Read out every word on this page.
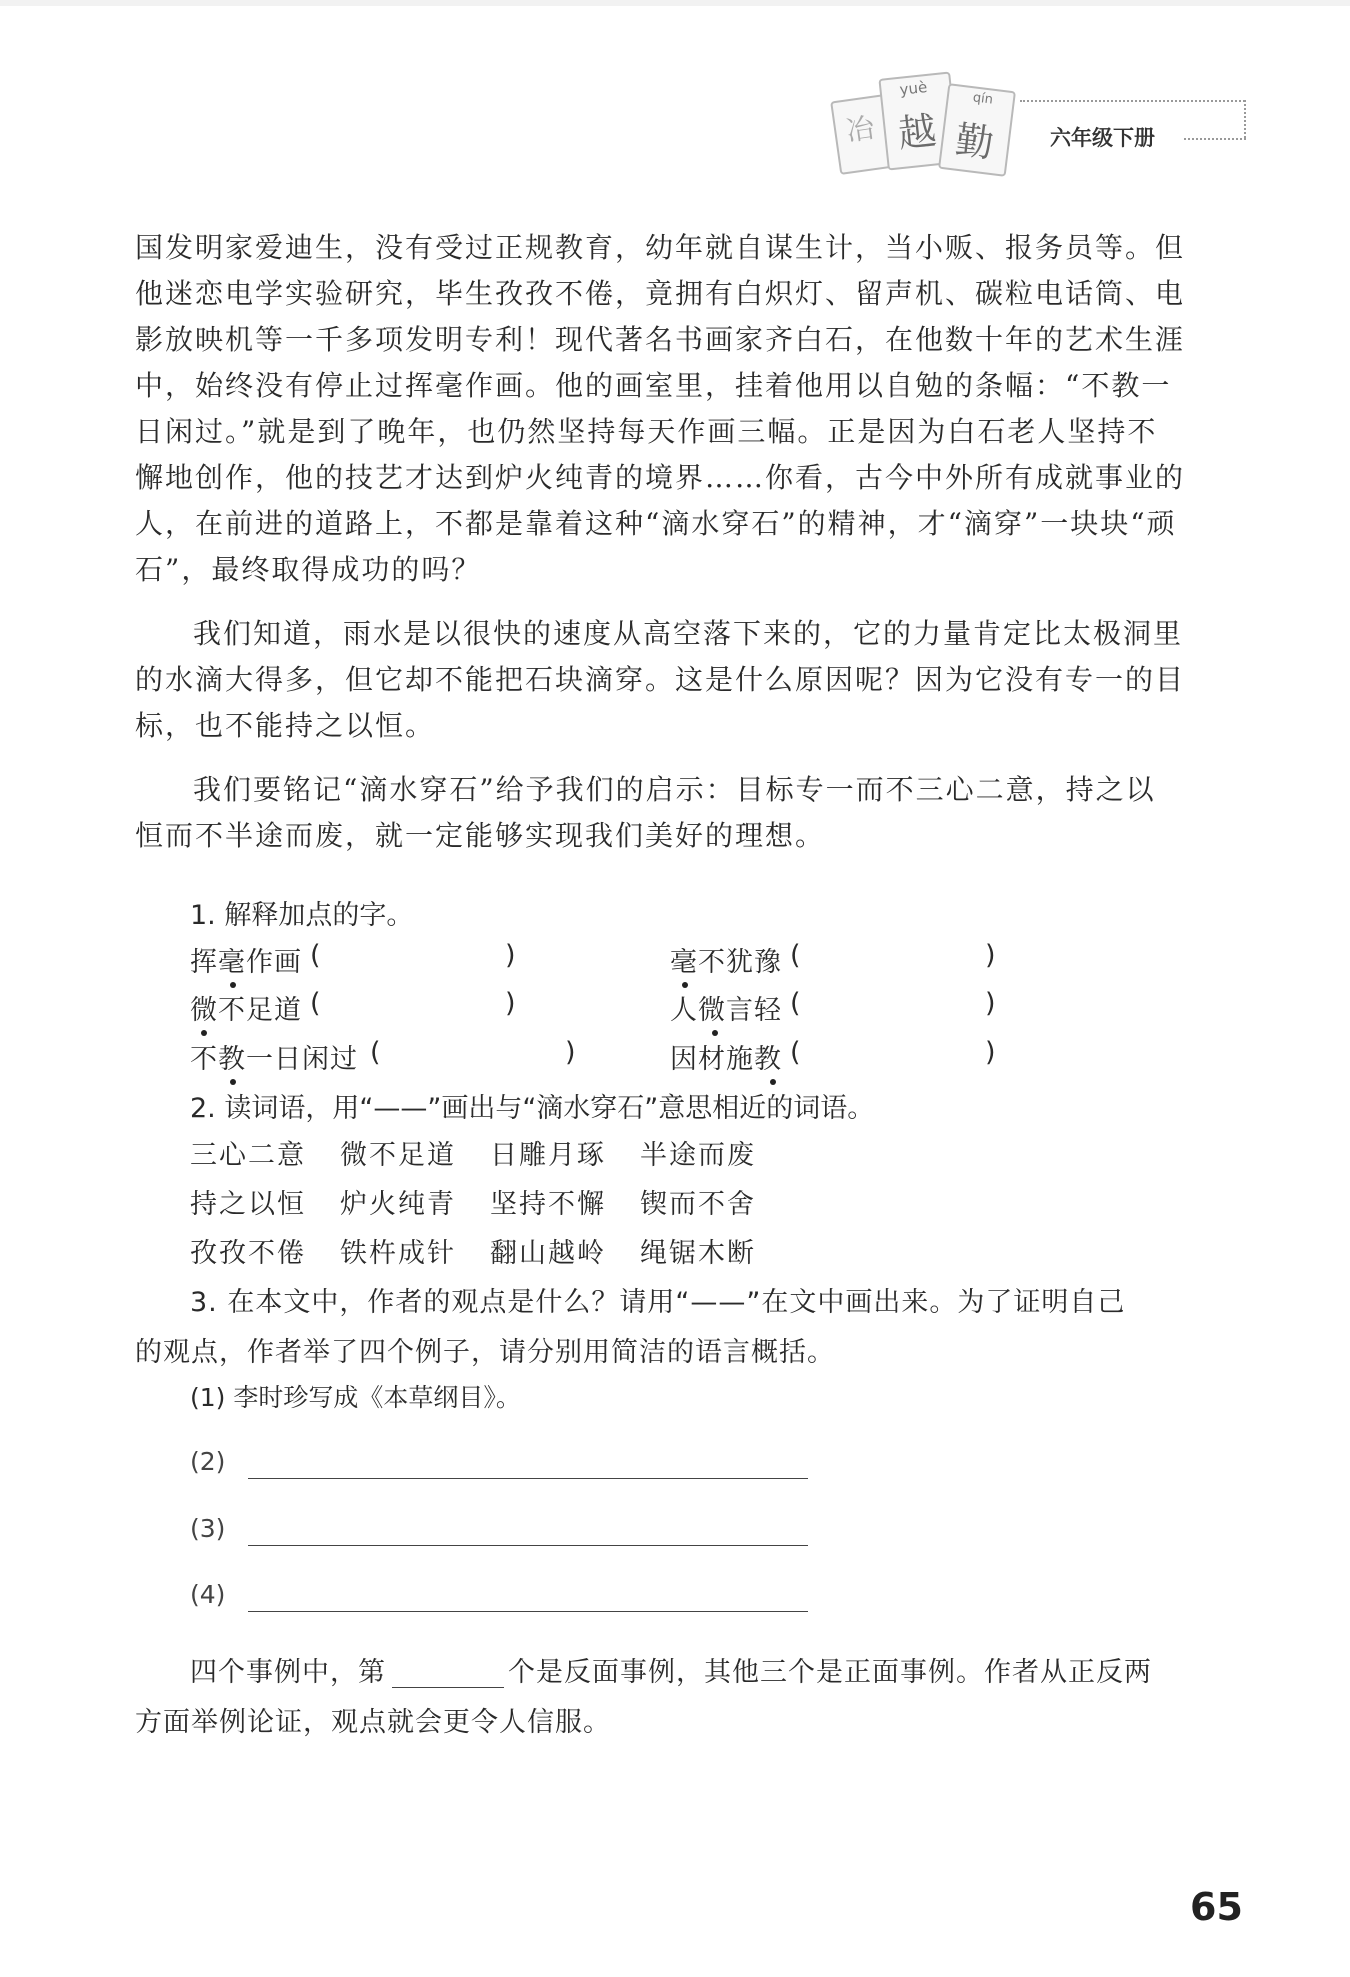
冶
yuè
越
qín
勤	六年级下册

国发明家爱迪生，没有受过正规教育，幼年就自谋生计，当小贩、报务员等。但他迷恋电学实验研究，毕生孜孜不倦，竟拥有白炽灯、留声机、碳粒电话筒、电影放映机等一千多项发明专利！现代著名书画家齐白石，在他数十年的艺术生涯中，始终没有停止过挥毫作画。他的画室里，挂着他用以自勉的条幅：“不教一日闲过。”就是到了晚年，也仍然坚持每天作画三幅。正是因为白石老人坚持不懈地创作，他的技艺才达到炉火纯青的境界……你看，古今中外所有成就事业的人，在前进的道路上，不都是靠着这种“滴水穿石”的精神，才“滴穿”一块块“顽石”，最终取得成功的吗？

我们知道，雨水是以很快的速度从高空落下来的，它的力量肯定比太极洞里的水滴大得多，但它却不能把石块滴穿。这是什么原因呢？因为它没有专一的目标，也不能持之以恒。

我们要铭记“滴水穿石”给予我们的启示：目标专一而不三心二意，持之以恒而不半途而废，就一定能够实现我们美好的理想。

1. 解释加点的字。
挥毫作画 (	)	毫不犹豫 (	)
微不足道 (	)	人微言轻 (	)
不教一日闲过 (	)	因材施教 (	)
2. 读词语，用“——”画出与“滴水穿石”意思相近的词语。
三心二意 微不足道 日雕月琢 半途而废
持之以恒 炉火纯青 坚持不懈 锲而不舍
孜孜不倦 铁杵成针 翻山越岭 绳锯木断
3. 在本文中，作者的观点是什么？请用“——”在文中画出来。为了证明自己
的观点，作者举了四个例子，请分别用简洁的语言概括。
(1) 李时珍写成《本草纲目》。
(2)
(3)
(4)
四个事例中，第	个是反面事例，其他三个是正面事例。作者从正反两
方面举例论证，观点就会更令人信服。
65
